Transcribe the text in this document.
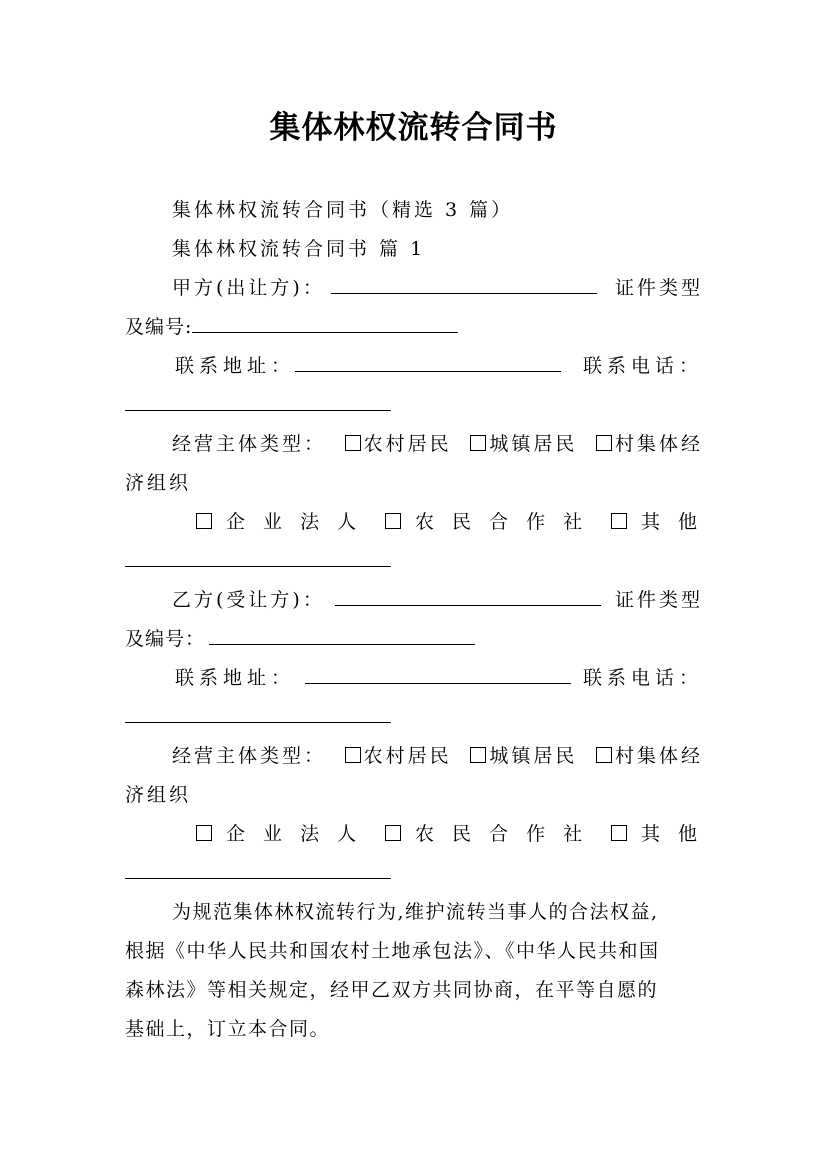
集体林权流转合同书
集体林权流转合同书（精选 3 篇）
集体林权流转合同书 篇 1
甲方(出让方)：	证件类型
及编号:
联系地址：	联系电话：
经营主体类型：	农村居民	城镇居民	村集体经
济组织
企 业 法 人	农 民 合 作 社	其 他
乙方(受让方)：	证件类型
及编号：
联系地址：	联系电话：
经营主体类型：	农村居民	城镇居民	村集体经
济组织
企 业 法 人	农 民 合 作 社	其 他
为规范集体林权流转行为,维护流转当事人的合法权益,
根据《中华人民共和国农村土地承包法》、《中华人民共和国
森林法》等相关规定，经甲乙双方共同协商，在平等自愿的
基础上，订立本合同。
